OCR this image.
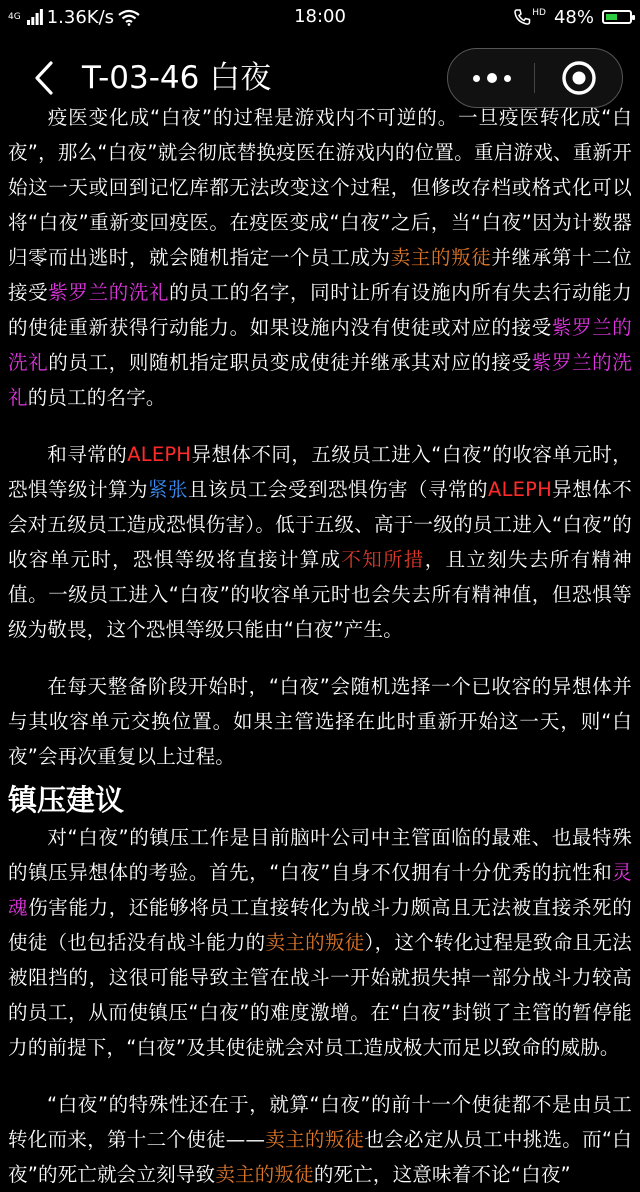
4G 1.36K/s	18:00	HD 48%
T-03-46 白夜

疫医变化成“白夜”的过程是游戏内不可逆的。一旦疫医转化成“白夜”，那么“白夜”就会彻底替换疫医在游戏内的位置。重启游戏、重新开始这一天或回到记忆库都无法改变这个过程，但修改存档或格式化可以将“白夜”重新变回疫医。在疫医变成“白夜”之后，当“白夜”因为计数器归零而出逃时，就会随机指定一个员工成为卖主的叛徒并继承第十二位接受紫罗兰的洗礼的员工的名字，同时让所有设施内所有失去行动能力的使徒重新获得行动能力。如果设施内没有使徒或对应的接受紫罗兰的洗礼的员工，则随机指定职员变成使徒并继承其对应的接受紫罗兰的洗礼的员工的名字。

和寻常的ALEPH异想体不同，五级员工进入“白夜”的收容单元时，恐惧等级计算为紧张且该员工会受到恐惧伤害（寻常的ALEPH异想体不会对五级员工造成恐惧伤害）。低于五级、高于一级的员工进入“白夜”的收容单元时，恐惧等级将直接计算成不知所措，且立刻失去所有精神值。一级员工进入“白夜”的收容单元时也会失去所有精神值，但恐惧等级为敬畏，这个恐惧等级只能由“白夜”产生。

在每天整备阶段开始时，“白夜”会随机选择一个已收容的异想体并与其收容单元交换位置。如果主管选择在此时重新开始这一天，则“白夜”会再次重复以上过程。

镇压建议

对“白夜”的镇压工作是目前脑叶公司中主管面临的最难、也最特殊的镇压异想体的考验。首先，“白夜”自身不仅拥有十分优秀的抗性和灵魂伤害能力，还能够将员工直接转化为战斗力颇高且无法被直接杀死的使徒（也包括没有战斗能力的卖主的叛徒），这个转化过程是致命且无法被阻挡的，这很可能导致主管在战斗一开始就损失掉一部分战斗力较高的员工，从而使镇压“白夜”的难度激增。在“白夜”封锁了主管的暂停能力的前提下，“白夜”及其使徒就会对员工造成极大而足以致命的威胁。

“白夜”的特殊性还在于，就算“白夜”的前十一个使徒都不是由员工转化而来，第十二个使徒——卖主的叛徒也会必定从员工中挑选。而“白夜”的死亡就会立刻导致卖主的叛徒的死亡，这意味着不论“白夜”
